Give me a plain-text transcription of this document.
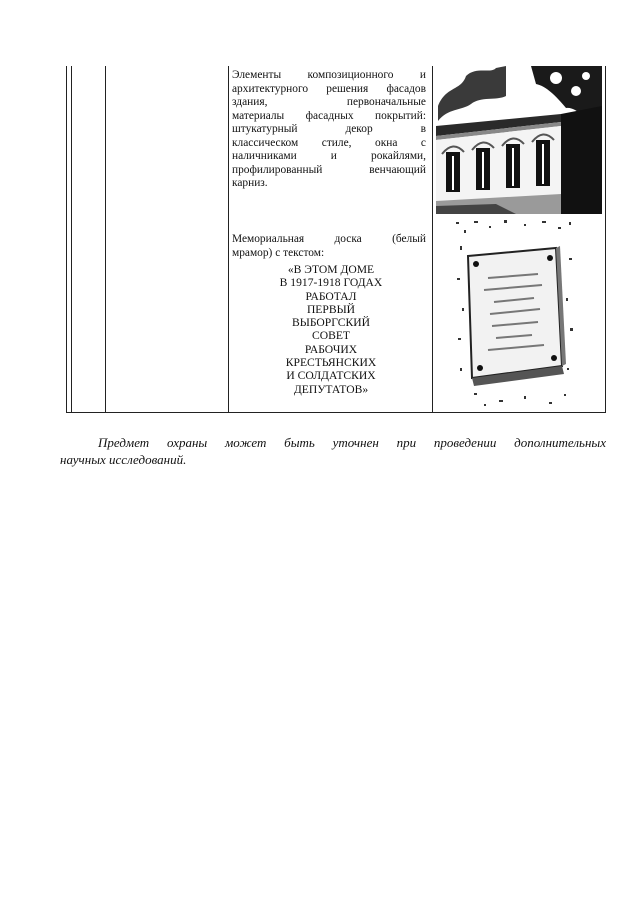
Элементы композиционного и
архитектурного решения фасадов
здания, первоначальные
материалы фасадных покрытий:
штукатурный декор в
классическом стиле, окна с
наличниками и рокайлями,
профилированный венчающий
карниз.
Мемориальная доска (белый
мрамор) с текстом:
«В ЭТОМ ДОМЕ
В 1917-1918 ГОДАХ
РАБОТАЛ
ПЕРВЫЙ
ВЫБОРГСКИЙ
СОВЕТ
РАБОЧИХ
КРЕСТЬЯНСКИХ
И СОЛДАТСКИХ
ДЕПУТАТОВ»
Предмет охраны может быть уточнен при проведении дополнительных
научных исследований.
